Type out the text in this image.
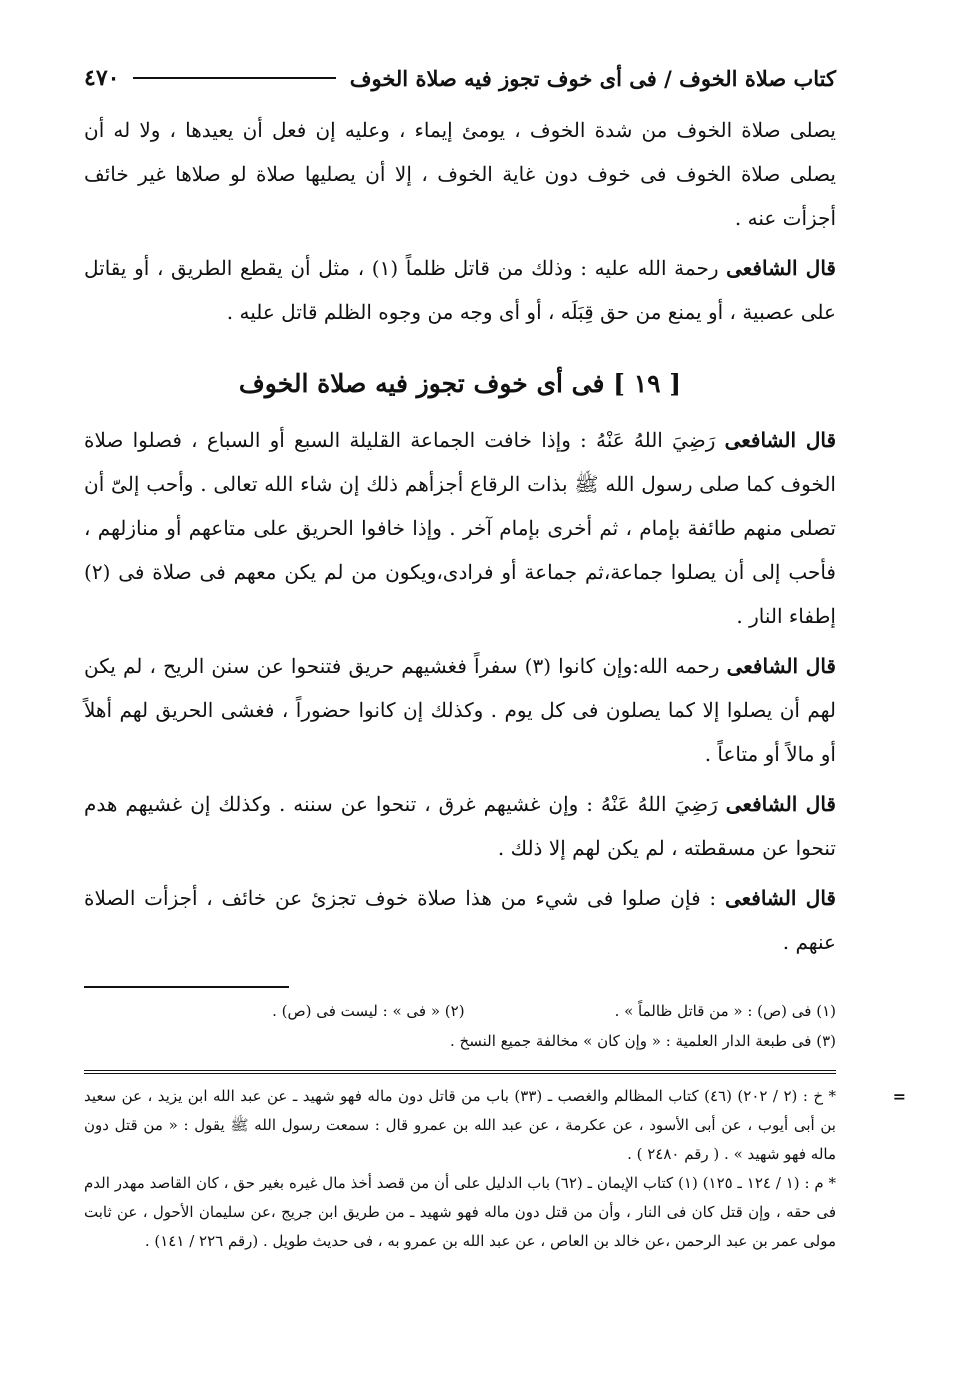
٤٧٠	كتاب صلاة الخوف / فى أى خوف تجوز فيه صلاة الخوف

يصلى صلاة الخوف من شدة الخوف ، يومئ إيماء ، وعليه إن فعل أن يعيدها ، ولا له أن يصلى صلاة الخوف فى خوف دون غاية الخوف ، إلا أن يصليها صلاة لو صلاها غير خائف أجزأت عنه .

قال الشافعى رحمة الله عليه : وذلك من قاتل ظلماً (١) ، مثل أن يقطع الطريق ، أو يقاتل على عصبية ، أو يمنع من حق قِبَلَه ، أو أى وجه من وجوه الظلم قاتل عليه .

[ ١٩ ] فى أى خوف تجوز فيه صلاة الخوف

قال الشافعى رَضِيَ اللهُ عَنْهُ : وإذا خافت الجماعة القليلة السبع أو السباع ، فصلوا صلاة الخوف كما صلى رسول الله ﷺ بذات الرقاع أجزأهم ذلك إن شاء الله تعالى . وأحب إلىّ أن تصلى منهم طائفة بإمام ، ثم أخرى بإمام آخر . وإذا خافوا الحريق على متاعهم أو منازلهم ، فأحب إلى أن يصلوا جماعة،ثم جماعة أو فرادى،ويكون من لم يكن معهم فى صلاة فى (٢) إطفاء النار .

قال الشافعى رحمه الله:وإن كانوا (٣) سفراً فغشيهم حريق فتنحوا عن سنن الريح ، لم يكن لهم أن يصلوا إلا كما يصلون فى كل يوم . وكذلك إن كانوا حضوراً ، فغشى الحريق لهم أهلاً أو مالاً أو متاعاً .

قال الشافعى رَضِيَ اللهُ عَنْهُ : وإن غشيهم غرق ، تنحوا عن سننه . وكذلك إن غشيهم هدم تنحوا عن مسقطته ، لم يكن لهم إلا ذلك .

قال الشافعى : فإن صلوا فى شيء من هذا صلاة خوف تجزئ عن خائف ، أجزأت الصلاة عنهم .

(١) فى (ص) : « من قاتل ظالماً » .
(٢) « فى » : ليست فى (ص) .
(٣) فى طبعة الدار العلمية : « وإن كان » مخالفة جميع النسخ .
=

* خ : (٢ / ٢٠٢) (٤٦) كتاب المظالم والغصب ـ (٣٣) باب من قاتل دون ماله فهو شهيد ـ عن عبد الله ابن يزيد ، عن سعيد بن أبى أيوب ، عن أبى الأسود ، عن عكرمة ، عن عبد الله بن عمرو قال : سمعت رسول الله ﷺ يقول : « من قتل دون ماله فهو شهيد » . ( رقم ٢٤٨٠ ) .

* م : (١ / ١٢٤ ـ ١٢٥) (١) كتاب الإيمان ـ (٦٢) باب الدليل على أن من قصد أخذ مال غيره بغير حق ، كان القاصد مهدر الدم فى حقه ، وإن قتل كان فى النار ، وأن من قتل دون ماله فهو شهيد ـ من طريق ابن جريج ،عن سليمان الأحول ، عن ثابت مولى عمر بن عبد الرحمن ،عن خالد بن العاص ، عن عبد الله بن عمرو به ، فى حديث طويل . (رقم ٢٢٦ / ١٤١) .
